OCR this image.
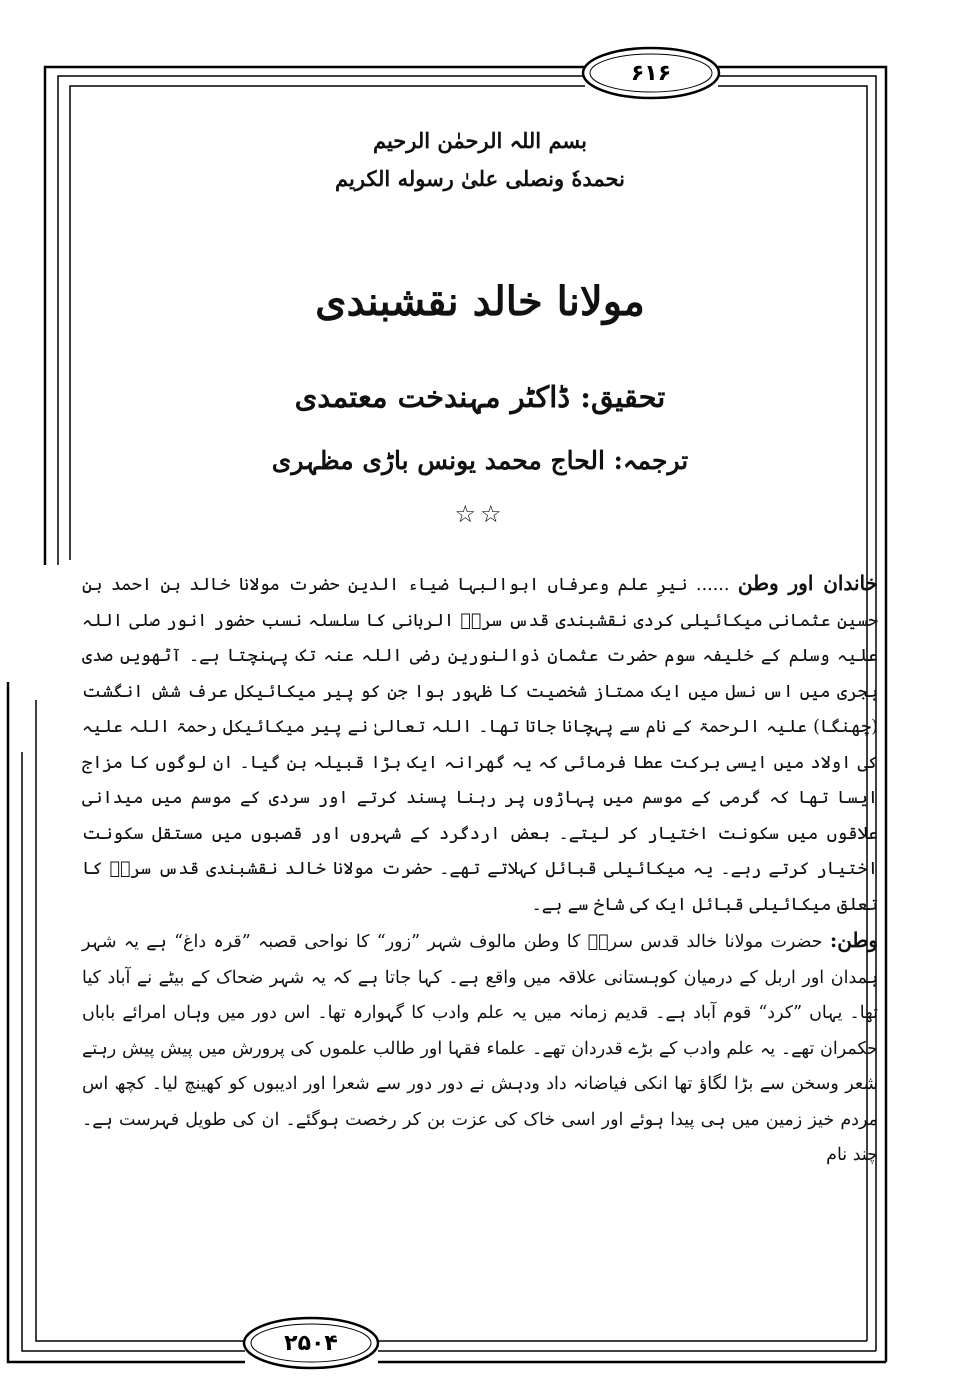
۶۱۶
۲۵۰۴
بسم اللہ الرحمٰن الرحیم
نحمدهٗ ونصلی علیٰ رسوله الکریم
مولانا خالد نقشبندی
تحقیق: ڈاکٹر مہندخت معتمدی
ترجمہ: الحاج محمد یونس باڑی مظہری
☆☆

خاندان اور وطن ...... نیرِ علم وعرفاں ابوالبہا ضیاء الدین حضرت مولانا خالد بن احمد بن حسین عثمانی میکائیلی کردی نقشبندی قدس سرہٗ الربانی کا سلسلہ نسب حضور انور صلی اللہ علیہ وسلم کے خلیفہ سوم حضرت عثمان ذوالنورین رضی اللہ عنہ تک پہنچتا ہے۔ آٹھویں صدی ہجری میں اس نسل میں ایک ممتاز شخصیت کا ظہور ہوا جن کو پیر میکائیکل عرف شش انگشت (چھنگا) علیہ الرحمۃ کے نام سے پہچانا جاتا تھا۔ اللہ تعالیٰ نے پیر میکائیکل رحمۃ اللہ علیہ کی اولاد میں ایسی برکت عطا فرمائی کہ یہ گھرانہ ایک بڑا قبیلہ بن گیا۔ ان لوگوں کا مزاج ایسا تھا کہ گرمی کے موسم میں پہاڑوں پر رہنا پسند کرتے اور سردی کے موسم میں میدانی علاقوں میں سکونت اختیار کر لیتے۔ بعض اردگرد کے شہروں اور قصبوں میں مستقل سکونت اختیار کرتے رہے۔ یہ میکائیلی قبائل کہلاتے تھے۔ حضرت مولانا خالد نقشبندی قدس سرہٗ کا تعلق میکائیلی قبائل ایک کی شاخ سے ہے۔

وطن: حضرت مولانا خالد قدس سرہٗ کا وطن مالوف شہر ”زور“ کا نواحی قصبہ ”قرہ داغ“ ہے یہ شہر ہمدان اور اربل کے درمیان کوہستانی علاقہ میں واقع ہے۔ کہا جاتا ہے کہ یہ شہر ضحاک کے بیٹے نے آباد کیا تھا۔ یہاں ”کرد“ قوم آباد ہے۔ قدیم زمانہ میں یہ علم وادب کا گہوارہ تھا۔ اس دور میں وہاں امرائے باباں حکمران تھے۔ یہ علم وادب کے بڑے قدردان تھے۔ علماء فقہا اور طالب علموں کی پرورش میں پیش پیش رہتے شعر وسخن سے بڑا لگاؤ تھا انکی فیاضانہ داد ودہش نے دور دور سے شعرا اور ادیبوں کو کھینچ لیا۔ کچھ اس مردم خیز زمین میں ہی پیدا ہوئے اور اسی خاک کی عزت بن کر رخصت ہوگئے۔ ان کی طویل فہرست ہے۔ چند نام
